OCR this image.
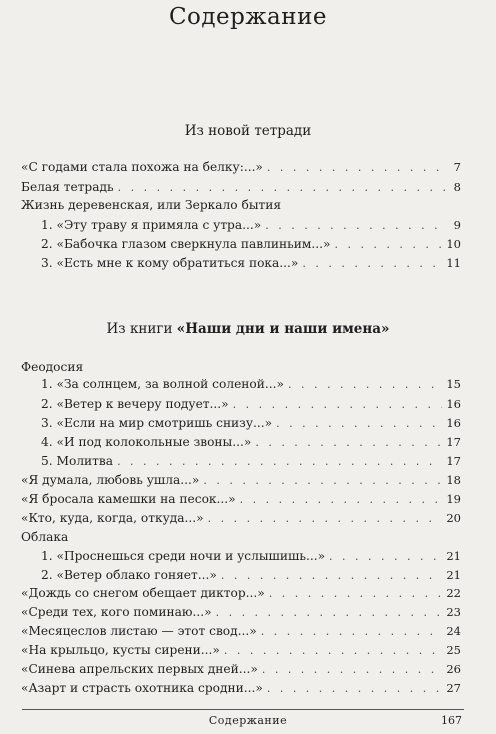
Содержание
Из новой тетради
«С годами стала похожа на белку:...» . . .	7
Белая тетрадь . . .	8
Жизнь деревенская, или Зеркало бытия
1. «Эту траву я примяла с утра...» . . .	9
2. «Бабочка глазом сверкнула павлиньим...» . . .	10
3. «Есть мне к кому обратиться пока...» . . .	11
Из книги «Наши дни и наши имена»
Феодосия
1. «За солнцем, за волной соленой...» . . .	15
2. «Ветер к вечеру подует...» . . .	16
3. «Если на мир смотришь снизу...» . . .	16
4. «И под колокольные звоны...» . . .	17
5. Молитва . . .	17
«Я думала, любовь ушла...» . . .	18
«Я бросала камешки на песок...» . . .	19
«Кто, куда, когда, откуда...» . . .	20
Облака
1. «Проснешься среди ночи и услышишь...» . . .	21
2. «Ветер облако гоняет...» . . .	21
«Дождь со снегом обещает диктор...» . . .	22
«Среди тех, кого поминаю...» . . .	23
«Месяцеслов листаю — этот свод...» . . .	24
«На крыльцо, кусты сирени...» . . .	25
«Синева апрельских первых дней...» . . .	26
«Азарт и страсть охотника сродни...» . . .	27
Содержание	167
